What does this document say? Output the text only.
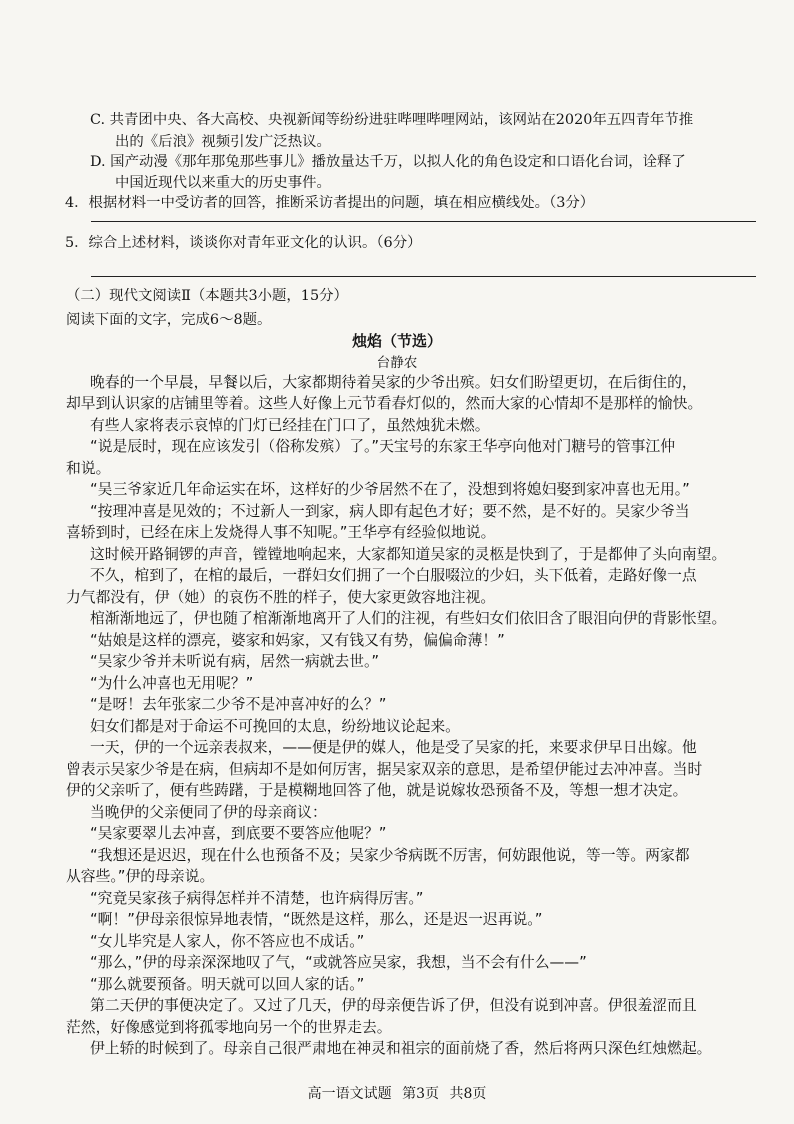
C. 共青团中央、各大高校、央视新闻等纷纷进驻哔哩哔哩网站，该网站在2020年五四青年节推
出的《后浪》视频引发广泛热议。
D. 国产动漫《那年那兔那些事儿》播放量达千万，以拟人化的角色设定和口语化台词，诠释了
中国近现代以来重大的历史事件。
4．根据材料一中受访者的回答，推断采访者提出的问题，填在相应横线处。（3分）
5．综合上述材料，谈谈你对青年亚文化的认识。（6分）
（二）现代文阅读Ⅱ（本题共3小题，15分）
阅读下面的文字，完成6～8题。
烛焰（节选）
台静农
晚春的一个早晨，早餐以后，大家都期待着吴家的少爷出殡。妇女们盼望更切，在后街住的，
却早到认识家的店铺里等着。这些人好像上元节看春灯似的，然而大家的心情却不是那样的愉快。
有些人家将表示哀悼的门灯已经挂在门口了，虽然烛犹未燃。
“说是辰时，现在应该发引（俗称发殡）了。”天宝号的东家王华亭向他对门糖号的管事江仲
和说。
“吴三爷家近几年命运实在坏，这样好的少爷居然不在了，没想到将媳妇娶到家冲喜也无用。”
“按理冲喜是见效的；不过新人一到家，病人即有起色才好；要不然，是不好的。吴家少爷当
喜轿到时，已经在床上发烧得人事不知呢。”王华亭有经验似地说。
这时候开路铜锣的声音，镗镗地响起来，大家都知道吴家的灵柩是快到了，于是都伸了头向南望。
不久，棺到了，在棺的最后，一群妇女们拥了一个白服啜泣的少妇，头下低着，走路好像一点
力气都没有，伊（她）的哀伤不胜的样子，使大家更敛容地注视。
棺渐渐地远了，伊也随了棺渐渐地离开了人们的注视，有些妇女们依旧含了眼泪向伊的背影怅望。
“姑娘是这样的漂亮，婆家和妈家，又有钱又有势，偏偏命薄！”
“吴家少爷并未听说有病，居然一病就去世。”
“为什么冲喜也无用呢？”
“是呀！去年张家二少爷不是冲喜冲好的么？”
妇女们都是对于命运不可挽回的太息，纷纷地议论起来。
一天，伊的一个远亲表叔来，——便是伊的媒人，他是受了吴家的托，来要求伊早日出嫁。他
曾表示吴家少爷是在病，但病却不是如何厉害，据吴家双亲的意思，是希望伊能过去冲冲喜。当时
伊的父亲听了，便有些踌躇，于是模糊地回答了他，就是说嫁妆恐预备不及，等想一想才决定。
当晚伊的父亲便同了伊的母亲商议：
“吴家要翠儿去冲喜，到底要不要答应他呢？”
“我想还是迟迟，现在什么也预备不及；吴家少爷病既不厉害，何妨跟他说，等一等。两家都
从容些。”伊的母亲说。
“究竟吴家孩子病得怎样并不清楚，也许病得厉害。”
“啊！”伊母亲很惊异地表情，“既然是这样，那么，还是迟一迟再说。”
“女儿毕究是人家人，你不答应也不成话。”
“那么，”伊的母亲深深地叹了气，“或就答应吴家，我想，当不会有什么——”
“那么就要预备。明天就可以回人家的话。”
第二天伊的事便决定了。又过了几天，伊的母亲便告诉了伊，但没有说到冲喜。伊很羞涩而且
茫然，好像感觉到将孤零地向另一个的世界走去。
伊上轿的时候到了。母亲自己很严肃地在神灵和祖宗的面前烧了香，然后将两只深色红烛燃起。
高一语文试题 第3页 共8页
